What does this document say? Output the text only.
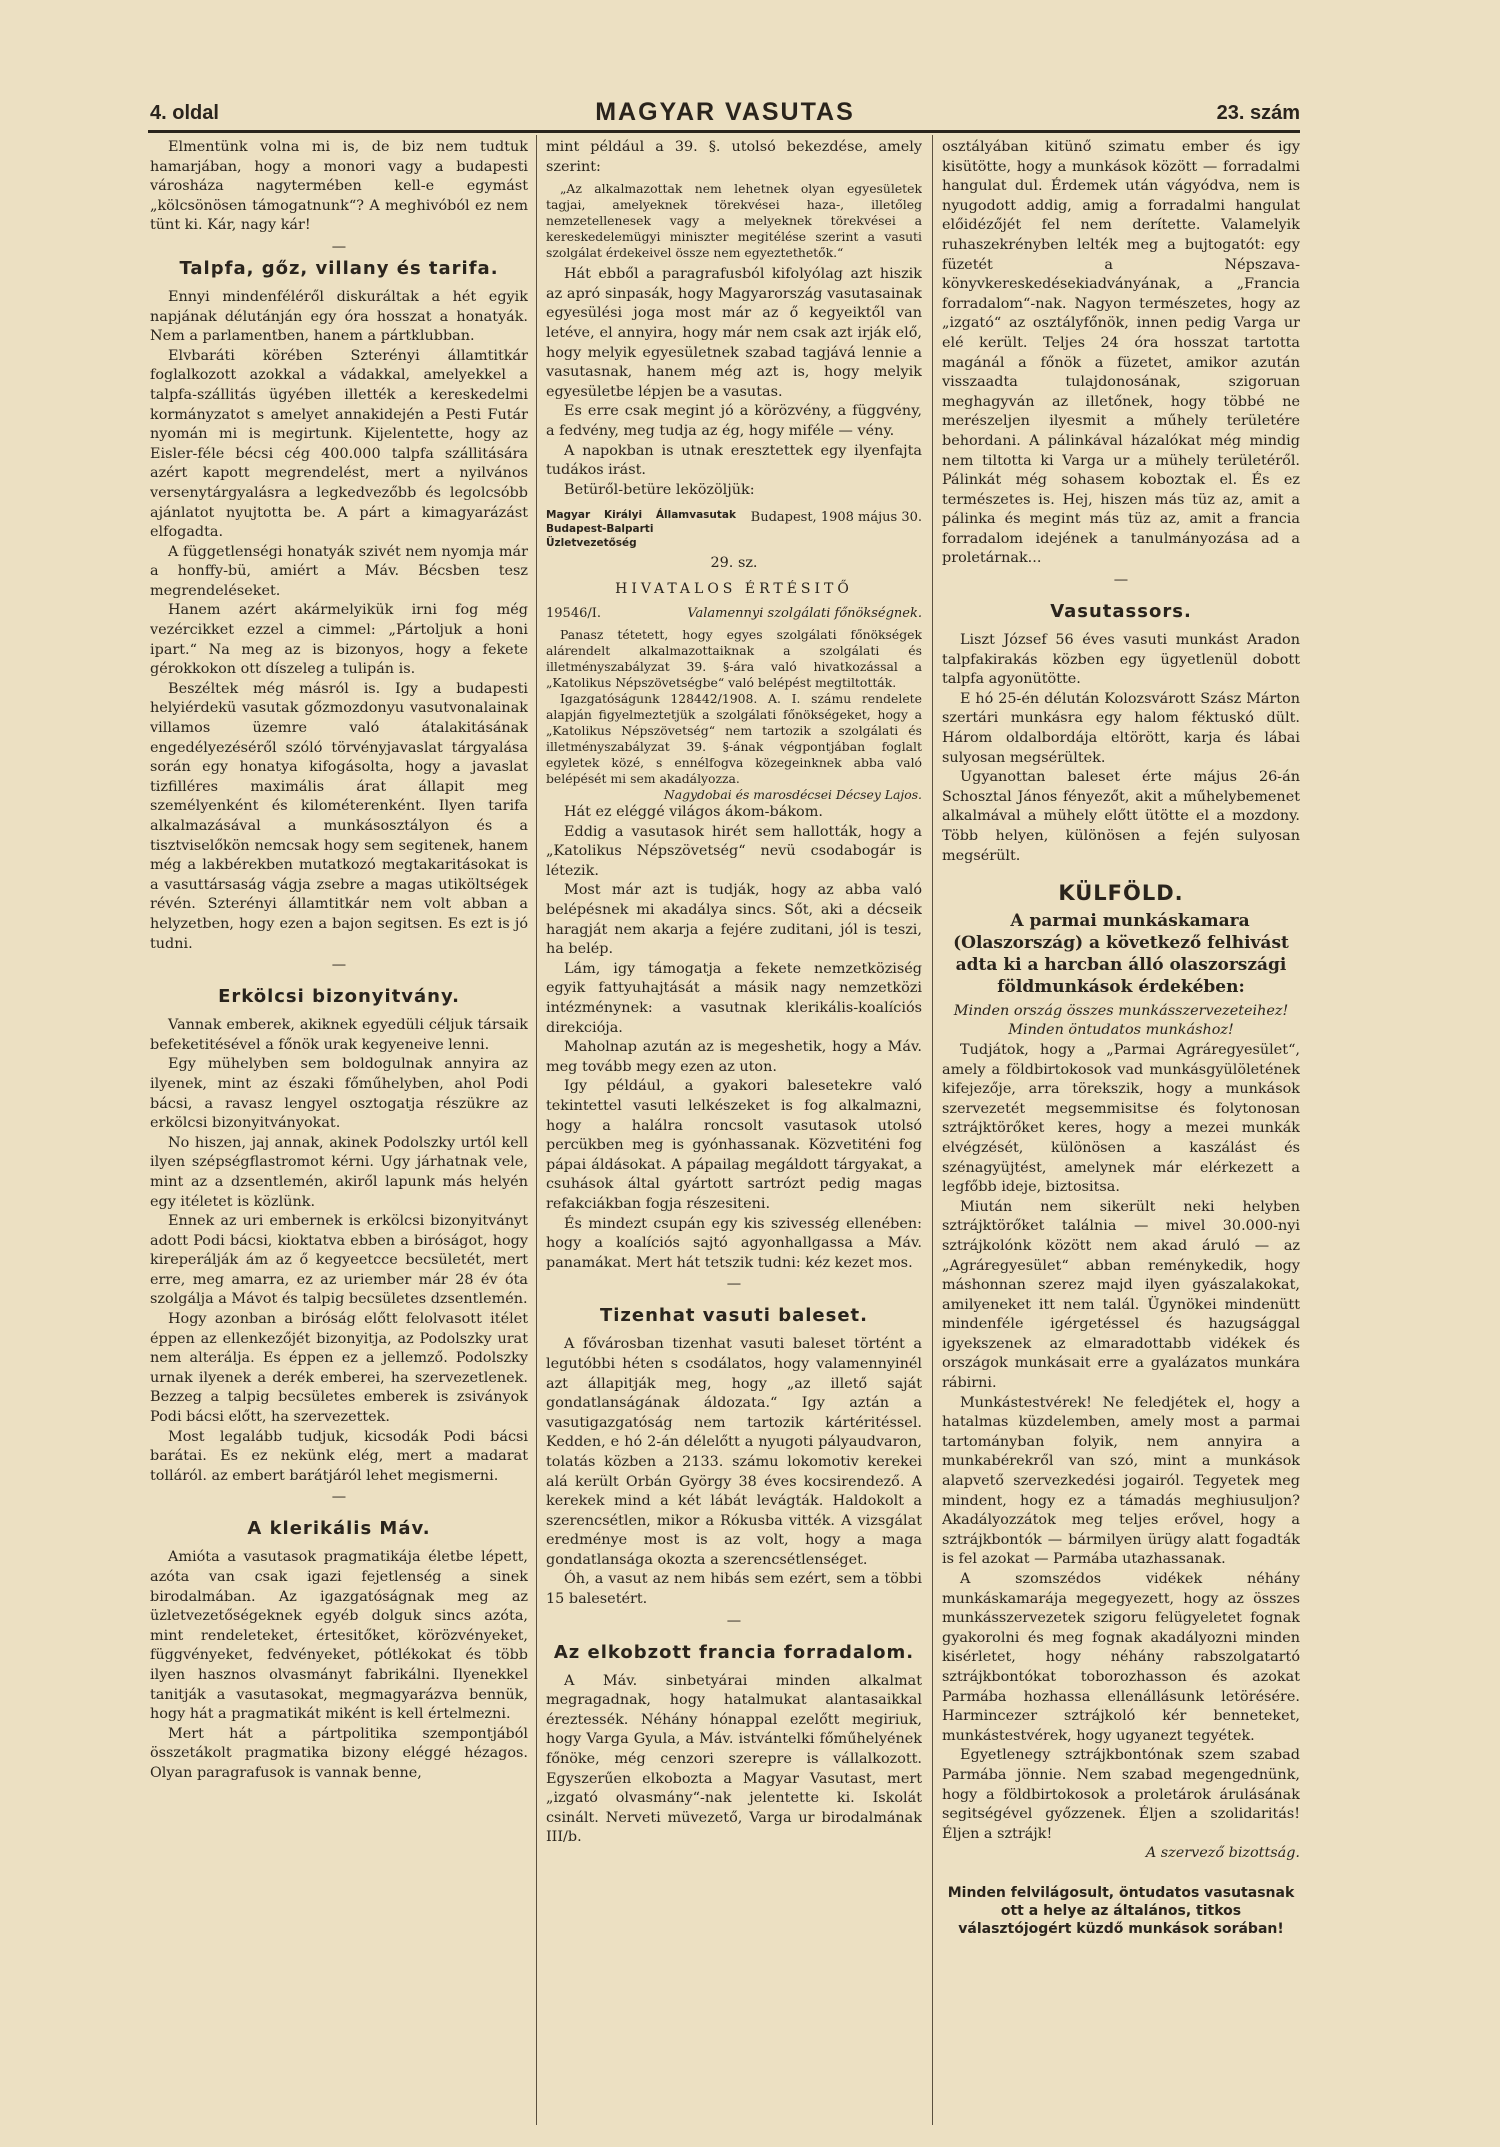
4. oldal	MAGYAR VASUTAS	23. szám

Elmentünk volna mi is, de biz nem tudtuk hamarjában, hogy a monori vagy a budapesti városháza nagytermében kell-e egymást „kölcsönösen támogatnunk“? A meghivóból ez nem tünt ki. Kár, nagy kár!

—
Talpfa, gőz, villany és tarifa.

Ennyi mindenféléről diskuráltak a hét egyik napjának délutánján egy óra hosszat a honatyák. Nem a parlamentben, hanem a pártklubban.

Elvbaráti körében Szterényi államtitkár foglalkozott azokkal a vádakkal, amelyekkel a talpfa-szállitás ügyében illették a kereskedelmi kormányzatot s amelyet annakidején a Pesti Futár nyomán mi is megirtunk. Kijelentette, hogy az Eisler-féle bécsi cég 400.000 talpfa szállitására azért kapott megrendelést, mert a nyilvános versenytárgyalásra a legkedvezőbb és legolcsóbb ajánlatot nyujtotta be. A párt a kimagyarázást elfogadta.

A függetlenségi honatyák szivét nem nyomja már a honffy-bü, amiért a Máv. Bécsben tesz megrendeléseket.

Hanem azért akármelyikük irni fog még vezércikket ezzel a cimmel: „Pártoljuk a honi ipart.“ Na meg az is bizonyos, hogy a fekete gérokkokon ott díszeleg a tulipán is.

Beszéltek még másról is. Igy a budapesti helyiérdekü vasutak gőzmozdonyu vasutvonalainak villamos üzemre való átalakitásának engedélyezéséről szóló törvényjavaslat tárgyalása során egy honatya kifogásolta, hogy a javaslat tizfilléres maximális árat állapit meg személyenként és kilométerenként. Ilyen tarifa alkalmazásával a munkásosztályon és a tisztviselőkön nemcsak hogy sem segitenek, hanem még a lakbérekben mutatkozó megtakaritásokat is a vasuttársaság vágja zsebre a magas utiköltségek révén. Szterényi államtitkár nem volt abban a helyzetben, hogy ezen a bajon segitsen. Es ezt is jó tudni.

—
Erkölcsi bizonyitvány.

Vannak emberek, akiknek egyedüli céljuk társaik befeketitésével a főnök urak kegyeneive lenni.

Egy mühelyben sem boldogulnak annyira az ilyenek, mint az északi főműhelyben, ahol Podi bácsi, a ravasz lengyel osztogatja részükre az erkölcsi bizonyitványokat.

No hiszen, jaj annak, akinek Podolszky urtól kell ilyen szépségflastromot kérni. Ugy járhatnak vele, mint az a dzsentlemén, akiről lapunk más helyén egy itéletet is közlünk.

Ennek az uri embernek is erkölcsi bizonyitványt adott Podi bácsi, kioktatva ebben a biróságot, hogy kireperálják ám az ő kegyeetcce becsületét, mert erre, meg amarra, ez az uriember már 28 év óta szolgálja a Mávot és talpig becsületes dzsentlemén.

Hogy azonban a biróság előtt felolvasott itélet éppen az ellenkezőjét bizonyitja, az Podolszky urat nem alterálja. Es éppen ez a jellemző. Podolszky urnak ilyenek a derék emberei, ha szervezetlenek. Bezzeg a talpig becsületes emberek is zsiványok Podi bácsi előtt, ha szervezettek.

Most legalább tudjuk, kicsodák Podi bácsi barátai. Es ez nekünk elég, mert a madarat tolláról. az embert barátjáról lehet megismerni.

—
A klerikális Máv.

Amióta a vasutasok pragmatikája életbe lépett, azóta van csak igazi fejetlenség a sinek birodalmában. Az igazgatóságnak meg az üzletvezetőségeknek egyéb dolguk sincs azóta, mint rendeleteket, értesitőket, körözvényeket, függvényeket, fedvényeket, pótlékokat és több ilyen hasznos olvasmányt fabrikálni. Ilyenekkel tanitják a vasutasokat, megmagyarázva bennük, hogy hát a pragmatikát miként is kell értelmezni.

Mert hát a pártpolitika szempontjából összetákolt pragmatika bizony eléggé hézagos. Olyan paragrafusok is vannak benne,

mint például a 39. §. utolsó bekezdése, amely szerint:

„Az alkalmazottak nem lehetnek olyan egyesületek tagjai, amelyeknek törekvései haza-, illetőleg nemzetellenesek vagy a melyeknek törekvései a kereskedelemügyi miniszter megitélése szerint a vasuti szolgálat érdekeivel össze nem egyeztethetők.“

Hát ebből a paragrafusból kifolyólag azt hiszik az apró sinpasák, hogy Magyarország vasutasainak egyesülési joga most már az ő kegyeiktől van letéve, el annyira, hogy már nem csak azt irják elő, hogy melyik egyesületnek szabad tagjává lennie a vasutasnak, hanem még azt is, hogy melyik egyesületbe lépjen be a vasutas.

Es erre csak megint jó a körözvény, a függvény, a fedvény, meg tudja az ég, hogy miféle — vény.

A napokban is utnak eresztettek egy ilyenfajta tudákos irást.

Betüről-betüre leközöljük:

Magyar Királyi Államvasutak Budapest-Balparti Üzletvezetőség
Budapest, 1908 május 30.

29. sz.

HIVATALOS ÉRTÉSITŐ
19546/I.	Valamennyi szolgálati főnökségnek.

Panasz tétetett, hogy egyes szolgálati főnökségek alárendelt alkalmazottaiknak a szolgálati és illetményszabályzat 39. §-ára való hivatkozással a „Katolikus Népszövetségbe“ való belépést megtiltották.

Igazgatóságunk 128442/1908. A. I. számu rendelete alapján figyelmeztetjük a szolgálati főnökségeket, hogy a „Katolikus Népszövetség“ nem tartozik a szolgálati és illetményszabályzat 39. §-ának végpontjában foglalt egyletek közé, s ennélfogva közegeinknek abba való belépését mi sem akadályozza.

Nagydobai és marosdécsei Décsey Lajos.

Hát ez eléggé világos ákom-bákom.

Eddig a vasutasok hirét sem hallották, hogy a „Katolikus Népszövetség“ nevü csodabogár is létezik.

Most már azt is tudják, hogy az abba való belépésnek mi akadálya sincs. Sőt, aki a décseik haragját nem akarja a fejére zuditani, jól is teszi, ha belép.

Lám, igy támogatja a fekete nemzetköziség egyik fattyuhajtását a másik nagy nemzetközi intézménynek: a vasutnak klerikális-koalíciós direkciója.

Maholnap azután az is megeshetik, hogy a Máv. meg tovább megy ezen az uton.

Igy például, a gyakori balesetekre való tekintettel vasuti lelkészeket is fog alkalmazni, hogy a halálra roncsolt vasutasok utolsó percükben meg is gyónhassanak. Közvetiténi fog pápai áldásokat. A pápailag megáldott tárgyakat, a csuhások által gyártott sartrózt pedig magas refakciákban fogja részesiteni.

És mindezt csupán egy kis szivesség ellenében: hogy a koalíciós sajtó agyonhallgassa a Máv. panamákat. Mert hát tetszik tudni: kéz kezet mos.

—
Tizenhat vasuti baleset.

A fővárosban tizenhat vasuti baleset történt a legutóbbi héten s csodálatos, hogy valamennyinél azt állapitják meg, hogy „az illető saját gondatlanságának áldozata.“ Igy aztán a vasutigazgatóság nem tartozik kártéritéssel. Kedden, e hó 2-án délelőtt a nyugoti pályaudvaron, tolatás közben a 2133. számu lokomotiv kerekei alá került Orbán György 38 éves kocsirendező. A kerekek mind a két lábát levágták. Haldokolt a szerencsétlen, mikor a Rókusba vitték. A vizsgálat eredménye most is az volt, hogy a maga gondatlansága okozta a szerencsétlenséget.

Óh, a vasut az nem hibás sem ezért, sem a többi 15 balesetért.

—
Az elkobzott francia forradalom.

A Máv. sinbetyárai minden alkalmat megragadnak, hogy hatalmukat alantasaikkal éreztessék. Néhány hónappal ezelőtt megiriuk, hogy Varga Gyula, a Máv. istvántelki főműhelyének főnöke, még cenzori szerepre is vállalkozott. Egyszerűen elkobozta a Magyar Vasutast, mert „izgató olvasmány“-nak jelentette ki. Iskolát csinált. Nerveti müvezető, Varga ur birodalmának III/b.

osztályában kitünő szimatu ember és igy kisütötte, hogy a munkások között — forradalmi hangulat dul. Érdemek után vágyódva, nem is nyugodott addig, amig a forradalmi hangulat előidézőjét fel nem derítette. Valamelyik ruhaszekrényben lelték meg a bujtogatót: egy füzetét a Népszava-könyvkereskedésekiadványának, a „Francia forradalom“-nak. Nagyon természetes, hogy az „izgató“ az osztályfőnök, innen pedig Varga ur elé került. Teljes 24 óra hosszat tartotta magánál a főnök a füzetet, amikor azután visszaadta tulajdonosának, szigoruan meghagyván az illetőnek, hogy többé ne merészeljen ilyesmit a műhely területére behordani. A pálinkával házalókat még mindig nem tiltotta ki Varga ur a mühely területéről. Pálinkát még sohasem koboztak el. És ez természetes is. Hej, hiszen más tüz az, amit a pálinka és megint más tüz az, amit a francia forradalom idejének a tanulmányozása ad a proletárnak...

—
Vasutassors.

Liszt József 56 éves vasuti munkást Aradon talpfakirakás közben egy ügyetlenül dobott talpfa agyonütötte.

E hó 25-én délután Kolozsvárott Szász Márton szertári munkásra egy halom féktuskó dült. Három oldalbordája eltörött, karja és lábai sulyosan megsérültek.

Ugyanottan baleset érte május 26-án Schosztal János fényezőt, akit a műhelybemenet alkalmával a mühely előtt ütötte el a mozdony. Több helyen, különösen a fején sulyosan megsérült.

KÜLFÖLD.

A parmai munkáskamara (Olaszország) a következő felhivást adta ki a harcban álló olaszországi földmunkások érdekében:

Minden ország összes munkásszervezeteihez!

Minden öntudatos munkáshoz!

Tudjátok, hogy a „Parmai Agráregyesület“, amely a földbirtokosok vad munkásgyülöletének kifejezője, arra törekszik, hogy a munkások szervezetét megsemmisitse és folytonosan sztrájktörőket keres, hogy a mezei munkák elvégzését, különösen a kaszálást és szénagyüjtést, amelynek már elérkezett a legfőbb ideje, biztositsa.

Miután nem sikerült neki helyben sztrájktörőket találnia — mivel 30.000-nyi sztrájkolónk között nem akad áruló — az „Agráregyesület“ abban reménykedik, hogy máshonnan szerez majd ilyen gyászalakokat, amilyeneket itt nem talál. Ügynökei mindenütt mindenféle igérgetéssel és hazugsággal igyekszenek az elmaradottabb vidékek és országok munkásait erre a gyalázatos munkára rábirni.

Munkástestvérek! Ne feledjétek el, hogy a hatalmas küzdelemben, amely most a parmai tartományban folyik, nem annyira a munkabérekről van szó, mint a munkások alapvető szervezkedési jogairól. Tegyetek meg mindent, hogy ez a támadás meghiusuljon? Akadályozzátok meg teljes erővel, hogy a sztrájkbontók — bármilyen ürügy alatt fogadták is fel azokat — Parmába utazhassanak.

A szomszédos vidékek néhány munkáskamarája megegyezett, hogy az összes munkásszervezetek szigoru felügyeletet fognak gyakorolni és meg fognak akadályozni minden kisérletet, hogy néhány rabszolgatartó sztrájkbontókat toborozhasson és azokat Parmába hozhassa ellenállásunk letörésére. Harmincezer sztrájkoló kér benneteket, munkástestvérek, hogy ugyanezt tegyétek.

Egyetlenegy sztrájkbontónak szem szabad Parmába jönnie. Nem szabad megengednünk, hogy a földbirtokosok a proletárok árulásának segitségével győzzenek. Éljen a szolidaritás! Éljen a sztrájk!

A szervező bizottság.

Minden felvilágosult, öntudatos vasutasnak ott a helye az általános, titkos választójogért küzdő munkások sorában!
